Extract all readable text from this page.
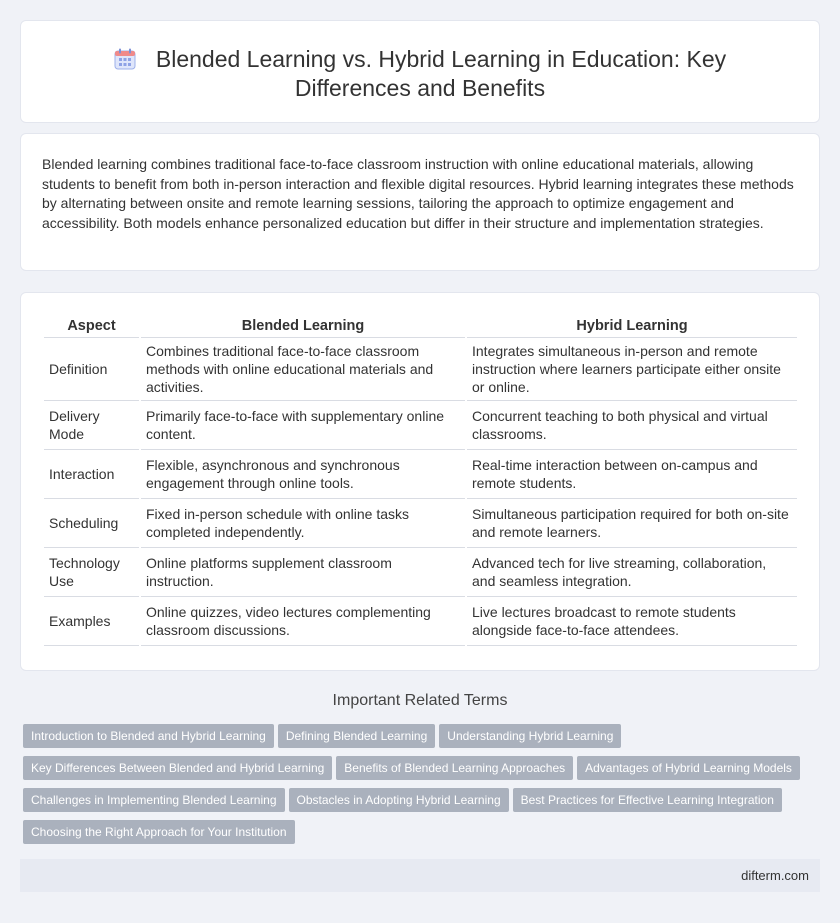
Blended Learning vs. Hybrid Learning in Education: Key Differences and Benefits

Blended learning combines traditional face-to-face classroom instruction with online educational materials, allowing students to benefit from both in-person interaction and flexible digital resources. Hybrid learning integrates these methods by alternating between onsite and remote learning sessions, tailoring the approach to optimize engagement and accessibility. Both models enhance personalized education but differ in their structure and implementation strategies.

Aspect	Blended Learning	Hybrid Learning
Definition	Combines traditional face-to-face classroom methods with online educational materials and activities.	Integrates simultaneous in-person and remote instruction where learners participate either onsite or online.
Delivery Mode	Primarily face-to-face with supplementary online content.	Concurrent teaching to both physical and virtual classrooms.
Interaction	Flexible, asynchronous and synchronous engagement through online tools.	Real-time interaction between on-campus and remote students.
Scheduling	Fixed in-person schedule with online tasks completed independently.	Simultaneous participation required for both on-site and remote learners.
Technology Use	Online platforms supplement classroom instruction.	Advanced tech for live streaming, collaboration, and seamless integration.
Examples	Online quizzes, video lectures complementing classroom discussions.	Live lectures broadcast to remote students alongside face-to-face attendees.
Important Related Terms
Introduction to Blended and Hybrid Learning Defining Blended Learning Understanding Hybrid Learning
Key Differences Between Blended and Hybrid Learning Benefits of Blended Learning Approaches Advantages of Hybrid Learning Models
Challenges in Implementing Blended Learning Obstacles in Adopting Hybrid Learning Best Practices for Effective Learning Integration
Choosing the Right Approach for Your Institution
difterm.com
